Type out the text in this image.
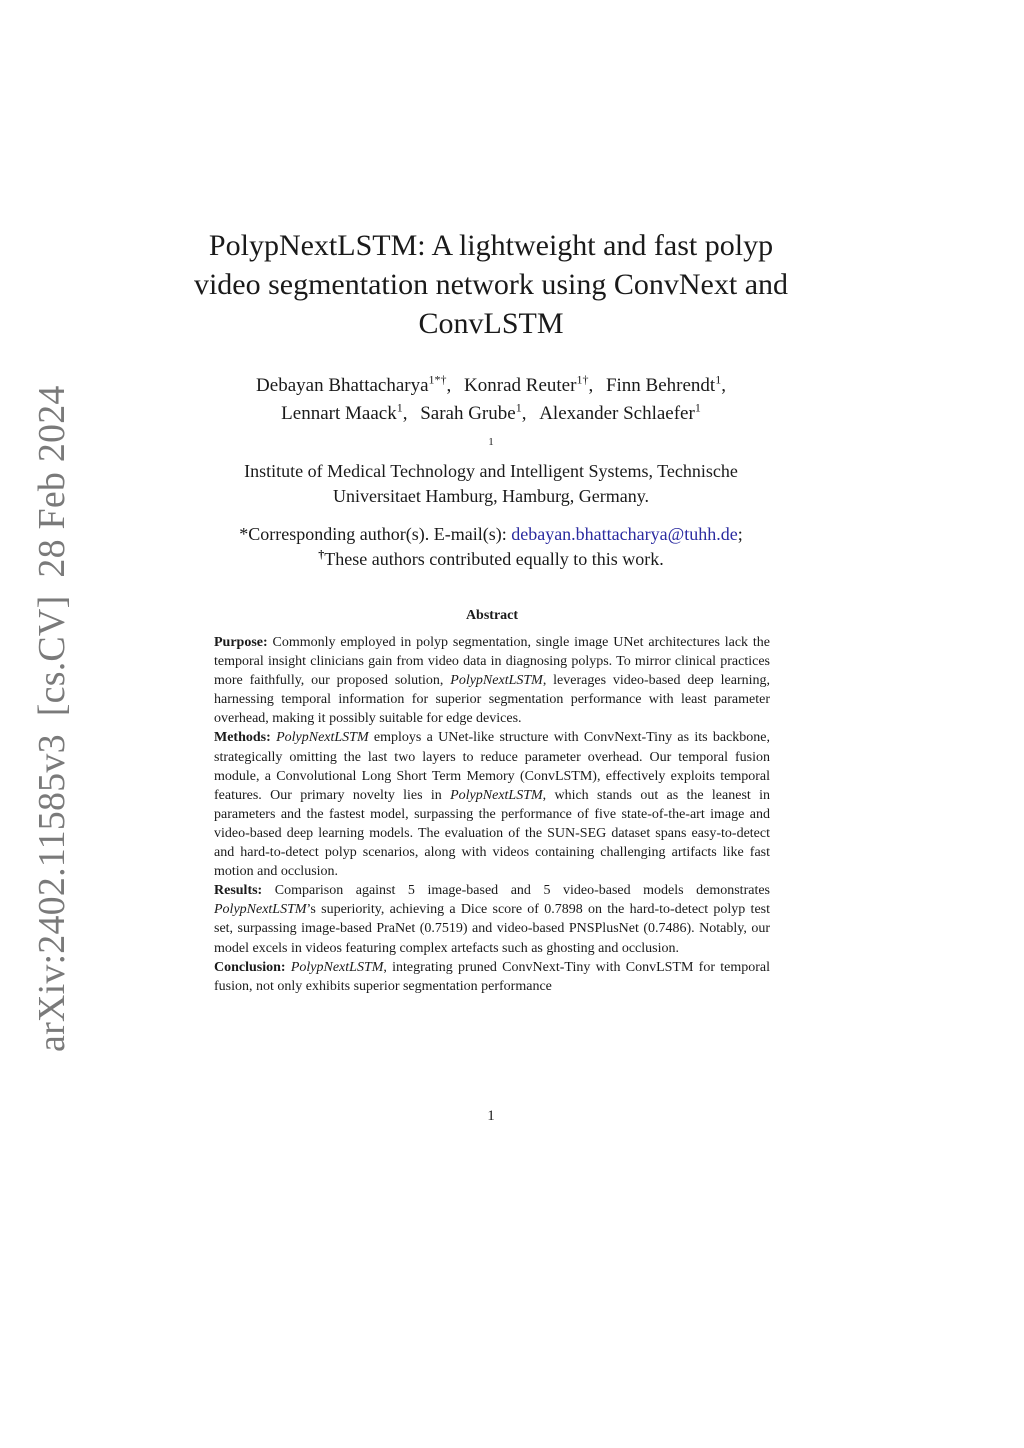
arXiv:2402.11585v3[cs.CV]28 Feb 2024
PolypNextLSTM: A lightweight and fast polyp
video segmentation network using ConvNext and
ConvLSTM
Debayan Bhattacharya$^{1*\dagger}$, Konrad Reuter$^{1\dagger}$, Finn Behrendt$^1$,
Lennart Maack$^1$, Sarah Grube$^1$, Alexander Schlaefer$^1$
$^1$
Institute of Medical Technology and Intelligent Systems, Technische
Universitaet Hamburg, Hamburg, Germany.
*Corresponding author(s). E-mail(s): debayan.bhattacharya@tuhh.de;
†These authors contributed equally to this work.
Abstract

Purpose: Commonly employed in polyp segmentation, single image UNet architectures lack the temporal insight clinicians gain from video data in diagnosing polyps. To mirror clinical practices more faithfully, our proposed solution, PolypNextLSTM, leverages video-based deep learning, harnessing temporal information for superior segmentation performance with least parameter overhead, making it possibly suitable for edge devices.

Methods: PolypNextLSTM employs a UNet-like structure with ConvNext-Tiny as its backbone, strategically omitting the last two layers to reduce parameter overhead. Our temporal fusion module, a Convolutional Long Short Term Memory (ConvLSTM), effectively exploits temporal features. Our primary novelty lies in PolypNextLSTM, which stands out as the leanest in parameters and the fastest model, surpassing the performance of five state-of-the-art image and video-based deep learning models. The evaluation of the SUN-SEG dataset spans easy-to-detect and hard-to-detect polyp scenarios, along with videos containing challenging artifacts like fast motion and occlusion.

Results: Comparison against 5 image-based and 5 video-based models demonstrates PolypNextLSTM’s superiority, achieving a Dice score of 0.7898 on the hard-to-detect polyp test set, surpassing image-based PraNet (0.7519) and video-based PNSPlusNet (0.7486). Notably, our model excels in videos featuring complex artefacts such as ghosting and occlusion.

Conclusion: PolypNextLSTM, integrating pruned ConvNext-Tiny with ConvLSTM for temporal fusion, not only exhibits superior segmentation performance

1
